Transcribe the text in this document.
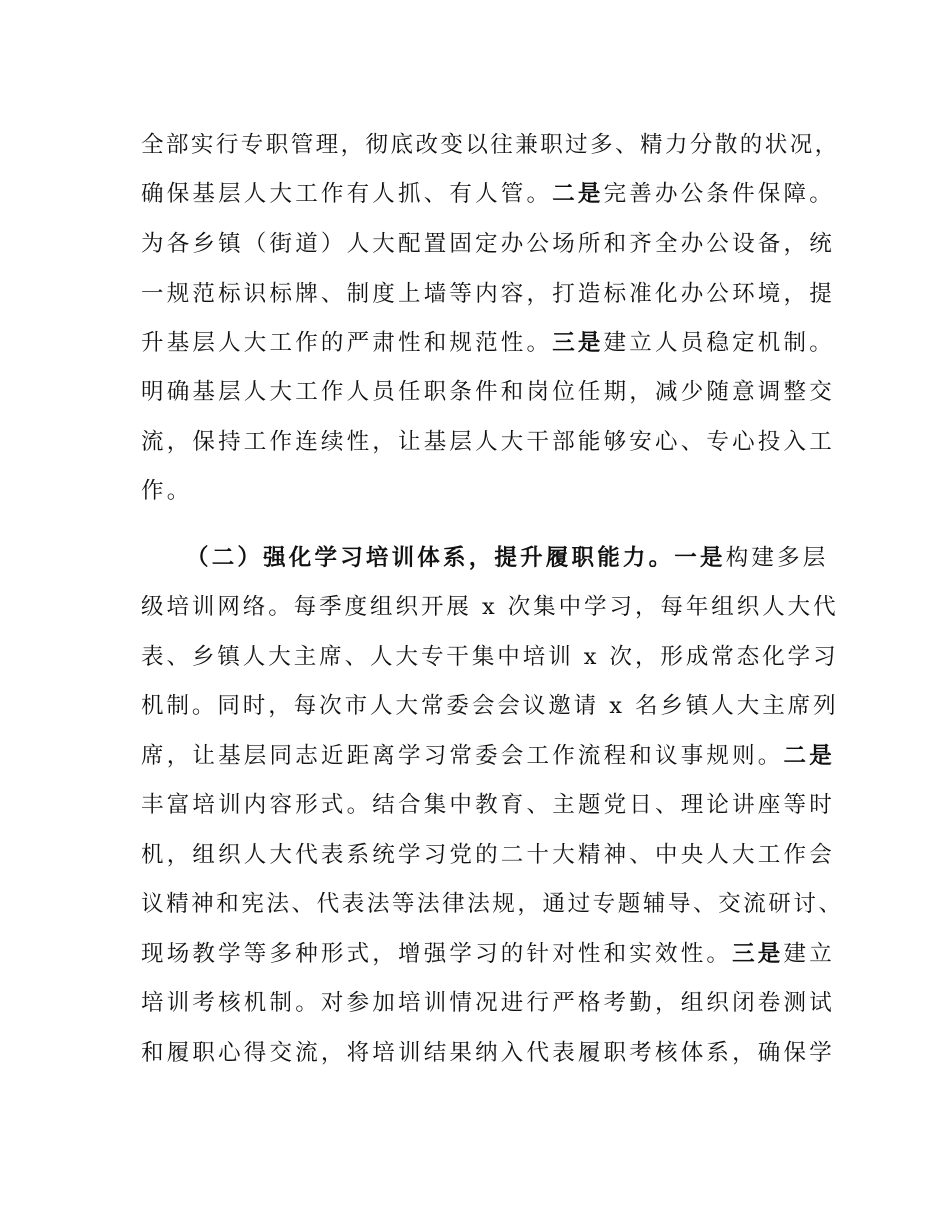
全部实行专职管理，彻底改变以往兼职过多、精力分散的状况，
确保基层人大工作有人抓、有人管。二是完善办公条件保障。
为各乡镇（街道）人大配置固定办公场所和齐全办公设备，统
一规范标识标牌、制度上墙等内容，打造标准化办公环境，提
升基层人大工作的严肃性和规范性。三是建立人员稳定机制。
明确基层人大工作人员任职条件和岗位任期，减少随意调整交
流，保持工作连续性，让基层人大干部能够安心、专心投入工
作。
（二）强化学习培训体系，提升履职能力。一是构建多层
级培训网络。每季度组织开展 x 次集中学习，每年组织人大代
表、乡镇人大主席、人大专干集中培训 x 次，形成常态化学习
机制。同时，每次市人大常委会会议邀请 x 名乡镇人大主席列
席，让基层同志近距离学习常委会工作流程和议事规则。二是
丰富培训内容形式。结合集中教育、主题党日、理论讲座等时
机，组织人大代表系统学习党的二十大精神、中央人大工作会
议精神和宪法、代表法等法律法规，通过专题辅导、交流研讨、
现场教学等多种形式，增强学习的针对性和实效性。三是建立
培训考核机制。对参加培训情况进行严格考勤，组织闭卷测试
和履职心得交流，将培训结果纳入代表履职考核体系，确保学
